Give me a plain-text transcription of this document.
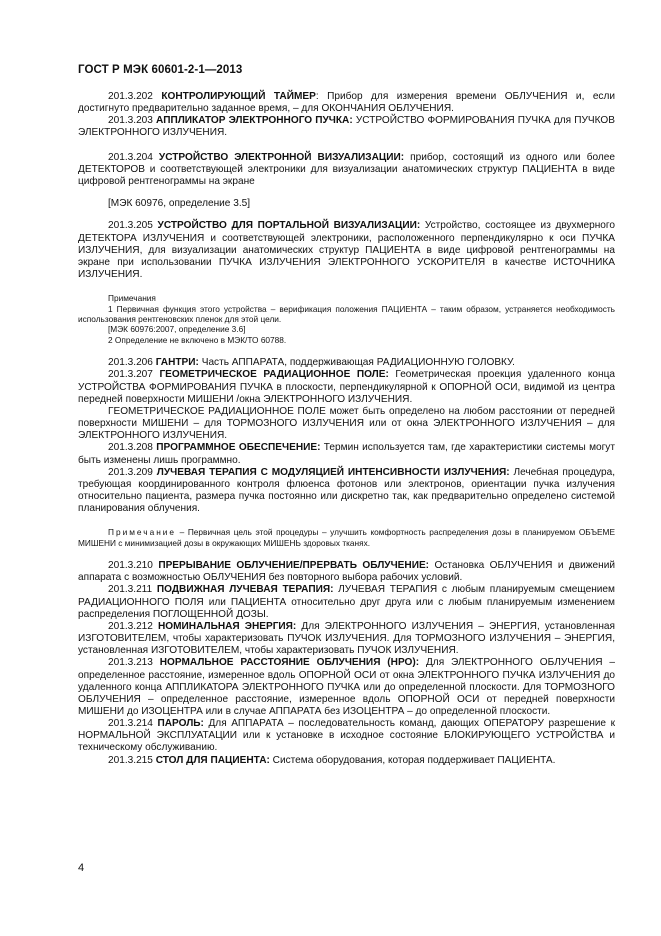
ГОСТ Р МЭК 60601-2-1—2013

201.3.202 КОНТРОЛИРУЮЩИЙ ТАЙМЕР: Прибор для измерения времени ОБЛУЧЕНИЯ и, если достигнуто предварительно заданное время, – для ОКОНЧАНИЯ ОБЛУЧЕНИЯ.

201.3.203 АППЛИКАТОР ЭЛЕКТРОННОГО ПУЧКА: УСТРОЙСТВО ФОРМИРОВАНИЯ ПУЧКА для ПУЧКОВ ЭЛЕКТРОННОГО ИЗЛУЧЕНИЯ.

201.3.204 УСТРОЙСТВО ЭЛЕКТРОННОЙ ВИЗУАЛИЗАЦИИ: прибор, состоящий из одного или более ДЕТЕКТОРОВ и соответствующей электроники для визуализации анатомических структур ПАЦИЕНТА в виде цифровой рентгенограммы на экране

[МЭК 60976, определение 3.5]

201.3.205 УСТРОЙСТВО ДЛЯ ПОРТАЛЬНОЙ ВИЗУАЛИЗАЦИИ: Устройство, состоящее из двухмерного ДЕТЕКТОРА ИЗЛУЧЕНИЯ и соответствующей электроники, расположенного перпендикулярно к оси ПУЧКА ИЗЛУЧЕНИЯ, для визуализации анатомических структур ПАЦИЕНТА в виде цифровой рентгенограммы на экране при использовании ПУЧКА ИЗЛУЧЕНИЯ ЭЛЕКТРОННОГО УСКОРИТЕЛЯ в качестве ИСТОЧНИКА ИЗЛУЧЕНИЯ.

Примечания

1 Первичная функция этого устройства – верификация положения ПАЦИЕНТА – таким образом, устраняется необходимость использования рентгеновских пленок для этой цели.

[МЭК 60976:2007, определение 3.6]

2 Определение не включено в МЭК/ТО 60788.

201.3.206 ГАНТРИ: Часть АППАРАТА, поддерживающая РАДИАЦИОННУЮ ГОЛОВКУ.

201.3.207 ГЕОМЕТРИЧЕСКОЕ РАДИАЦИОННОЕ ПОЛЕ: Геометрическая проекция удаленного конца УСТРОЙСТВА ФОРМИРОВАНИЯ ПУЧКА в плоскости, перпендикулярной к ОПОРНОЙ ОСИ, видимой из центра передней поверхности МИШЕНИ /окна ЭЛЕКТРОННОГО ИЗЛУЧЕНИЯ.

ГЕОМЕТРИЧЕСКОЕ РАДИАЦИОННОЕ ПОЛЕ может быть определено на любом расстоянии от передней поверхности МИШЕНИ – для ТОРМОЗНОГО ИЗЛУЧЕНИЯ или от окна ЭЛЕКТРОННОГО ИЗЛУЧЕНИЯ – для ЭЛЕКТРОННОГО ИЗЛУЧЕНИЯ.

201.3.208 ПРОГРАММНОЕ ОБЕСПЕЧЕНИЕ: Термин используется там, где характеристики системы могут быть изменены лишь программно.

201.3.209 ЛУЧЕВАЯ ТЕРАПИЯ С МОДУЛЯЦИЕЙ ИНТЕНСИВНОСТИ ИЗЛУЧЕНИЯ: Лечебная процедура, требующая координированного контроля флюенса фотонов или электронов, ориентации пучка излучения относительно пациента, размера пучка постоянно или дискретно так, как предварительно определено системой планирования облучения.

Примечание – Первичная цель этой процедуры – улучшить комфортность распределения дозы в планируемом ОБЪЕМЕ МИШЕНИ с минимизацией дозы в окружающих МИШЕНЬ здоровых тканях.

201.3.210 ПРЕРЫВАНИЕ ОБЛУЧЕНИЕ/ПРЕРВАТЬ ОБЛУЧЕНИЕ: Остановка ОБЛУЧЕНИЯ и движений аппарата с возможностью ОБЛУЧЕНИЯ без повторного выбора рабочих условий.

201.3.211 ПОДВИЖНАЯ ЛУЧЕВАЯ ТЕРАПИЯ: ЛУЧЕВАЯ ТЕРАПИЯ с любым планируемым смещением РАДИАЦИОННОГО ПОЛЯ или ПАЦИЕНТА относительно друг друга или с любым планируемым изменением распределения ПОГЛОЩЕННОЙ ДОЗЫ.

201.3.212 НОМИНАЛЬНАЯ ЭНЕРГИЯ: Для ЭЛЕКТРОННОГО ИЗЛУЧЕНИЯ – ЭНЕРГИЯ, установленная ИЗГОТОВИТЕЛЕМ, чтобы характеризовать ПУЧОК ИЗЛУЧЕНИЯ. Для ТОРМОЗНОГО ИЗЛУЧЕНИЯ – ЭНЕРГИЯ, установленная ИЗГОТОВИТЕЛЕМ, чтобы характеризовать ПУЧОК ИЗЛУЧЕНИЯ.

201.3.213 НОРМАЛЬНОЕ РАССТОЯНИЕ ОБЛУЧЕНИЯ (НРО): Для ЭЛЕКТРОННОГО ОБЛУЧЕНИЯ – определенное расстояние, измеренное вдоль ОПОРНОЙ ОСИ от окна ЭЛЕКТРОННОГО ПУЧКА ИЗЛУЧЕНИЯ до удаленного конца АППЛИКАТОРА ЭЛЕКТРОННОГО ПУЧКА или до определенной плоскости. Для ТОРМОЗНОГО ОБЛУЧЕНИЯ – определенное расстояние, измеренное вдоль ОПОРНОЙ ОСИ от передней поверхности МИШЕНИ до ИЗОЦЕНТРА или в случае АППАРАТА без ИЗОЦЕНТРА – до определенной плоскости.

201.3.214 ПАРОЛЬ: Для АППАРАТА – последовательность команд, дающих ОПЕРАТОРУ разрешение к НОРМАЛЬНОЙ ЭКСПЛУАТАЦИИ или к установке в исходное состояние БЛОКИРУЮЩЕГО УСТРОЙСТВА и техническому обслуживанию.

201.3.215 СТОЛ ДЛЯ ПАЦИЕНТА: Система оборудования, которая поддерживает ПАЦИЕНТА.

4
